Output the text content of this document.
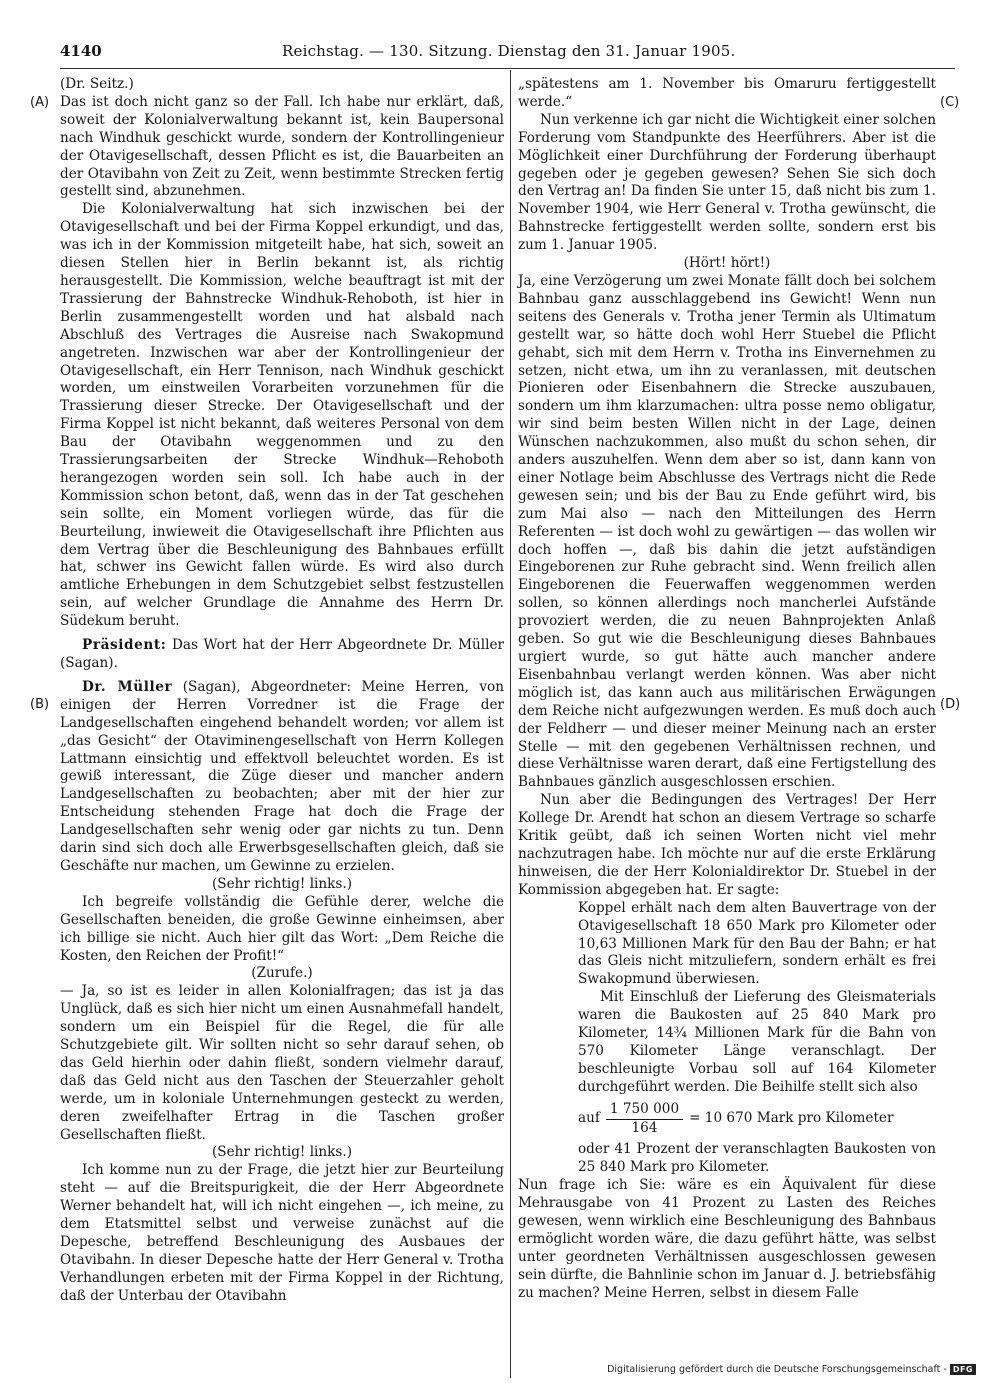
4140	Reichstag. — 130. Sitzung. Dienstag den 31. Januar 1905.
(A)
(B)
(C)
(D)

(Dr. Seitz.)

Das ist doch nicht ganz so der Fall. Ich habe nur erklärt, daß, soweit der Kolonialverwaltung bekannt ist, kein Baupersonal nach Windhuk geschickt wurde, sondern der Kontrollingenieur der Otavigesellschaft, dessen Pflicht es ist, die Bauarbeiten an der Otavibahn von Zeit zu Zeit, wenn bestimmte Strecken fertig gestellt sind, abzunehmen.

Die Kolonialverwaltung hat sich inzwischen bei der Otavigesellschaft und bei der Firma Koppel erkundigt, und das, was ich in der Kommission mitgeteilt habe, hat sich, soweit an diesen Stellen hier in Berlin bekannt ist, als richtig herausgestellt. Die Kommission, welche beauftragt ist mit der Trassierung der Bahnstrecke Windhuk-Rehoboth, ist hier in Berlin zusammengestellt worden und hat alsbald nach Abschluß des Vertrages die Ausreise nach Swakopmund angetreten. Inzwischen war aber der Kontrollingenieur der Otavigesellschaft, ein Herr Tennison, nach Windhuk geschickt worden, um einstweilen Vorarbeiten vorzunehmen für die Trassierung dieser Strecke. Der Otavigesellschaft und der Firma Koppel ist nicht bekannt, daß weiteres Personal von dem Bau der Otavibahn weggenommen und zu den Trassierungsarbeiten der Strecke Windhuk—Rehoboth herangezogen worden sein soll. Ich habe auch in der Kommission schon betont, daß, wenn das in der Tat geschehen sein sollte, ein Moment vorliegen würde, das für die Beurteilung, inwieweit die Otavigesellschaft ihre Pflichten aus dem Vertrag über die Beschleunigung des Bahnbaues erfüllt hat, schwer ins Gewicht fallen würde. Es wird also durch amtliche Erhebungen in dem Schutzgebiet selbst festzustellen sein, auf welcher Grundlage die Annahme des Herrn Dr. Südekum beruht.

Präsident: Das Wort hat der Herr Abgeordnete Dr. Müller (Sagan).

Dr. Müller (Sagan), Abgeordneter: Meine Herren, von einigen der Herren Vorredner ist die Frage der Landgesellschaften eingehend behandelt worden; vor allem ist „das Gesicht“ der Otaviminengesellschaft von Herrn Kollegen Lattmann einsichtig und effektvoll beleuchtet worden. Es ist gewiß interessant, die Züge dieser und mancher andern Landgesellschaften zu beobachten; aber mit der hier zur Entscheidung stehenden Frage hat doch die Frage der Landgesellschaften sehr wenig oder gar nichts zu tun. Denn darin sind sich doch alle Erwerbsgesellschaften gleich, daß sie Geschäfte nur machen, um Gewinne zu erzielen.

(Sehr richtig! links.)

Ich begreife vollständig die Gefühle derer, welche die Gesellschaften beneiden, die große Gewinne einheimsen, aber ich billige sie nicht. Auch hier gilt das Wort: „Dem Reiche die Kosten, den Reichen der Profit!“

(Zurufe.)

— Ja, so ist es leider in allen Kolonialfragen; das ist ja das Unglück, daß es sich hier nicht um einen Ausnahmefall handelt, sondern um ein Beispiel für die Regel, die für alle Schutzgebiete gilt. Wir sollten nicht so sehr darauf sehen, ob das Geld hierhin oder dahin fließt, sondern vielmehr darauf, daß das Geld nicht aus den Taschen der Steuerzahler geholt werde, um in koloniale Unternehmungen gesteckt zu werden, deren zweifelhafter Ertrag in die Taschen großer Gesellschaften fließt.

(Sehr richtig! links.)

Ich komme nun zu der Frage, die jetzt hier zur Beurteilung steht — auf die Breitspurigkeit, die der Herr Abgeordnete Werner behandelt hat, will ich nicht eingehen —, ich meine, zu dem Etatsmittel selbst und verweise zunächst auf die Depesche, betreffend Beschleunigung des Ausbaues der Otavibahn. In dieser Depesche hatte der Herr General v. Trotha Verhandlungen erbeten mit der Firma Koppel in der Richtung, daß der Unterbau der Otavibahn

„spätestens am 1. November bis Omaruru fertiggestellt werde.“

Nun verkenne ich gar nicht die Wichtigkeit einer solchen Forderung vom Standpunkte des Heerführers. Aber ist die Möglichkeit einer Durchführung der Forderung überhaupt gegeben oder je gegeben gewesen? Sehen Sie sich doch den Vertrag an! Da finden Sie unter 15, daß nicht bis zum 1. November 1904, wie Herr General v. Trotha gewünscht, die Bahnstrecke fertiggestellt werden sollte, sondern erst bis zum 1. Januar 1905.

(Hört! hört!)

Ja, eine Verzögerung um zwei Monate fällt doch bei solchem Bahnbau ganz ausschlaggebend ins Gewicht! Wenn nun seitens des Generals v. Trotha jener Termin als Ultimatum gestellt war, so hätte doch wohl Herr Stuebel die Pflicht gehabt, sich mit dem Herrn v. Trotha ins Einvernehmen zu setzen, nicht etwa, um ihn zu veranlassen, mit deutschen Pionieren oder Eisenbahnern die Strecke auszubauen, sondern um ihm klarzumachen: ultra posse nemo obligatur, wir sind beim besten Willen nicht in der Lage, deinen Wünschen nachzukommen, also mußt du schon sehen, dir anders auszuhelfen. Wenn dem aber so ist, dann kann von einer Notlage beim Abschlusse des Vertrags nicht die Rede gewesen sein; und bis der Bau zu Ende geführt wird, bis zum Mai also — nach den Mitteilungen des Herrn Referenten — ist doch wohl zu gewärtigen — das wollen wir doch hoffen —, daß bis dahin die jetzt aufständigen Eingeborenen zur Ruhe gebracht sind. Wenn freilich allen Eingeborenen die Feuerwaffen weggenommen werden sollen, so können allerdings noch mancherlei Aufstände provoziert werden, die zu neuen Bahnprojekten Anlaß geben. So gut wie die Beschleunigung dieses Bahnbaues urgiert wurde, so gut hätte auch mancher andere Eisenbahnbau verlangt werden können. Was aber nicht möglich ist, das kann auch aus militärischen Erwägungen dem Reiche nicht aufgezwungen werden. Es muß doch auch der Feldherr — und dieser meiner Meinung nach an erster Stelle — mit den gegebenen Verhältnissen rechnen, und diese Verhältnisse waren derart, daß eine Fertigstellung des Bahnbaues gänzlich ausgeschlossen erschien.

Nun aber die Bedingungen des Vertrages! Der Herr Kollege Dr. Arendt hat schon an diesem Vertrage so scharfe Kritik geübt, daß ich seinen Worten nicht viel mehr nachzutragen habe. Ich möchte nur auf die erste Erklärung hinweisen, die der Herr Kolonialdirektor Dr. Stuebel in der Kommission abgegeben hat. Er sagte:

Koppel erhält nach dem alten Bauvertrage von der Otavigesellschaft 18 650 Mark pro Kilometer oder 10,63 Millionen Mark für den Bau der Bahn; er hat das Gleis nicht mitzuliefern, sondern erhält es frei Swakopmund überwiesen.

Mit Einschluß der Lieferung des Gleismaterials waren die Baukosten auf 25 840 Mark pro Kilometer, 14¾ Millionen Mark für die Bahn von 570 Kilometer Länge veranschlagt. Der beschleunigte Vorbau soll auf 164 Kilometer durchgeführt werden. Die Beihilfe stellt sich also

auf $\frac{1 750 000}{164} = 10$ 670 Mark pro Kilometer

oder 41 Prozent der veranschlagten Baukosten von 25 840 Mark pro Kilometer.

Nun frage ich Sie: wäre es ein Äquivalent für diese Mehrausgabe von 41 Prozent zu Lasten des Reiches gewesen, wenn wirklich eine Beschleunigung des Bahnbaus ermöglicht worden wäre, die dazu geführt hätte, was selbst unter geordneten Verhältnissen ausgeschlossen gewesen sein dürfte, die Bahnlinie schon im Januar d. J. betriebsfähig zu machen? Meine Herren, selbst in diesem Falle

Digitalisierung gefördert durch die Deutsche Forschungsgemeinschaft - DFG
